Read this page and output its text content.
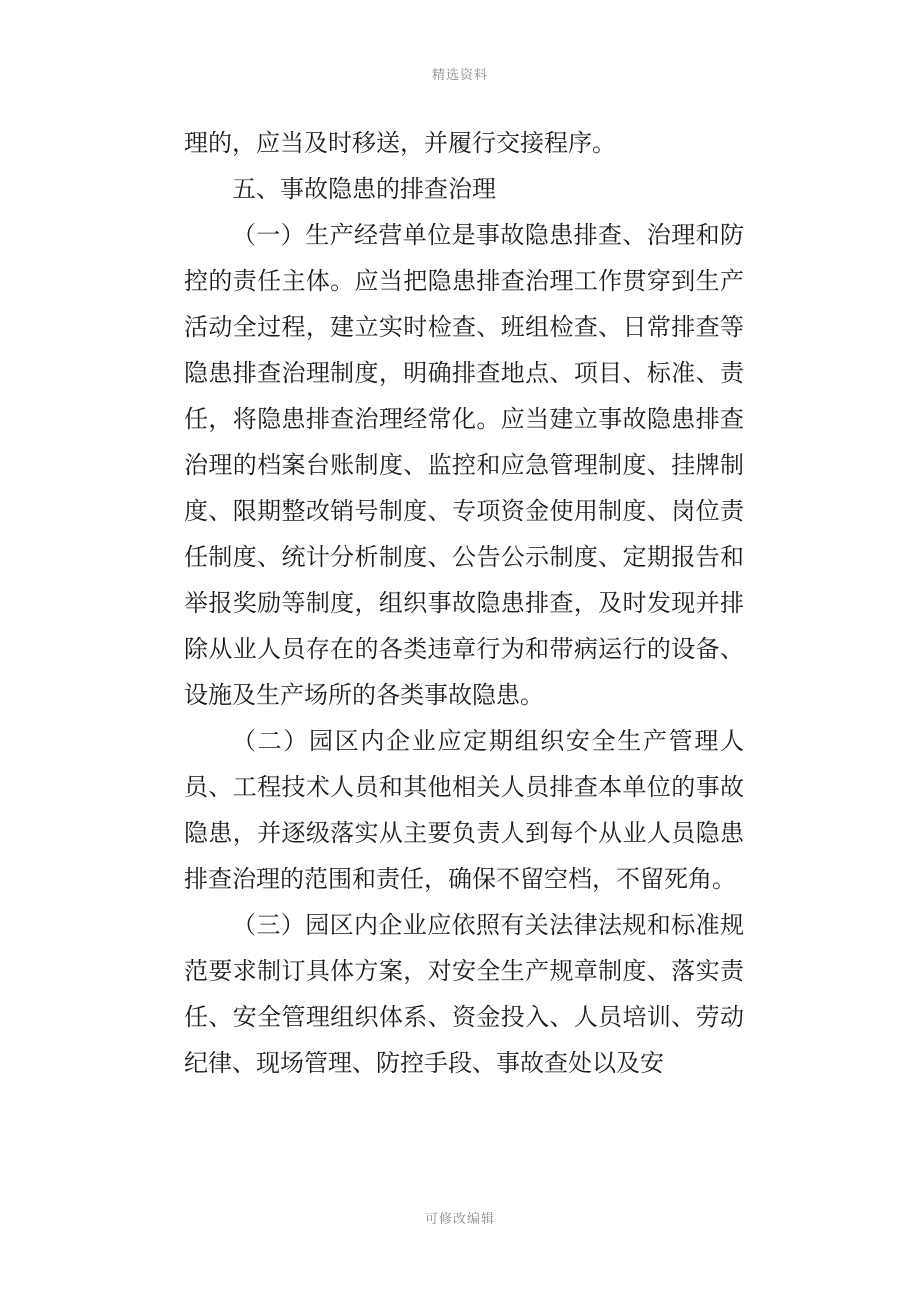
精选资料

理的，应当及时移送，并履行交接程序。

五、事故隐患的排查治理

（一）生产经营单位是事故隐患排查、治理和防控的责任主体。应当把隐患排查治理工作贯穿到生产活动全过程，建立实时检查、班组检查、日常排查等隐患排查治理制度，明确排查地点、项目、标准、责任，将隐患排查治理经常化。应当建立事故隐患排查治理的档案台账制度、监控和应急管理制度、挂牌制度、限期整改销号制度、专项资金使用制度、岗位责任制度、统计分析制度、公告公示制度、定期报告和举报奖励等制度，组织事故隐患排查，及时发现并排除从业人员存在的各类违章行为和带病运行的设备、设施及生产场所的各类事故隐患。

（二）园区内企业应定期组织安全生产管理人员、工程技术人员和其他相关人员排查本单位的事故隐患，并逐级落实从主要负责人到每个从业人员隐患排查治理的范围和责任，确保不留空档，不留死角。

（三）园区内企业应依照有关法律法规和标准规范要求制订具体方案，对安全生产规章制度、落实责任、安全管理组织体系、资金投入、人员培训、劳动纪律、现场管理、防控手段、事故查处以及安

可修改编辑
